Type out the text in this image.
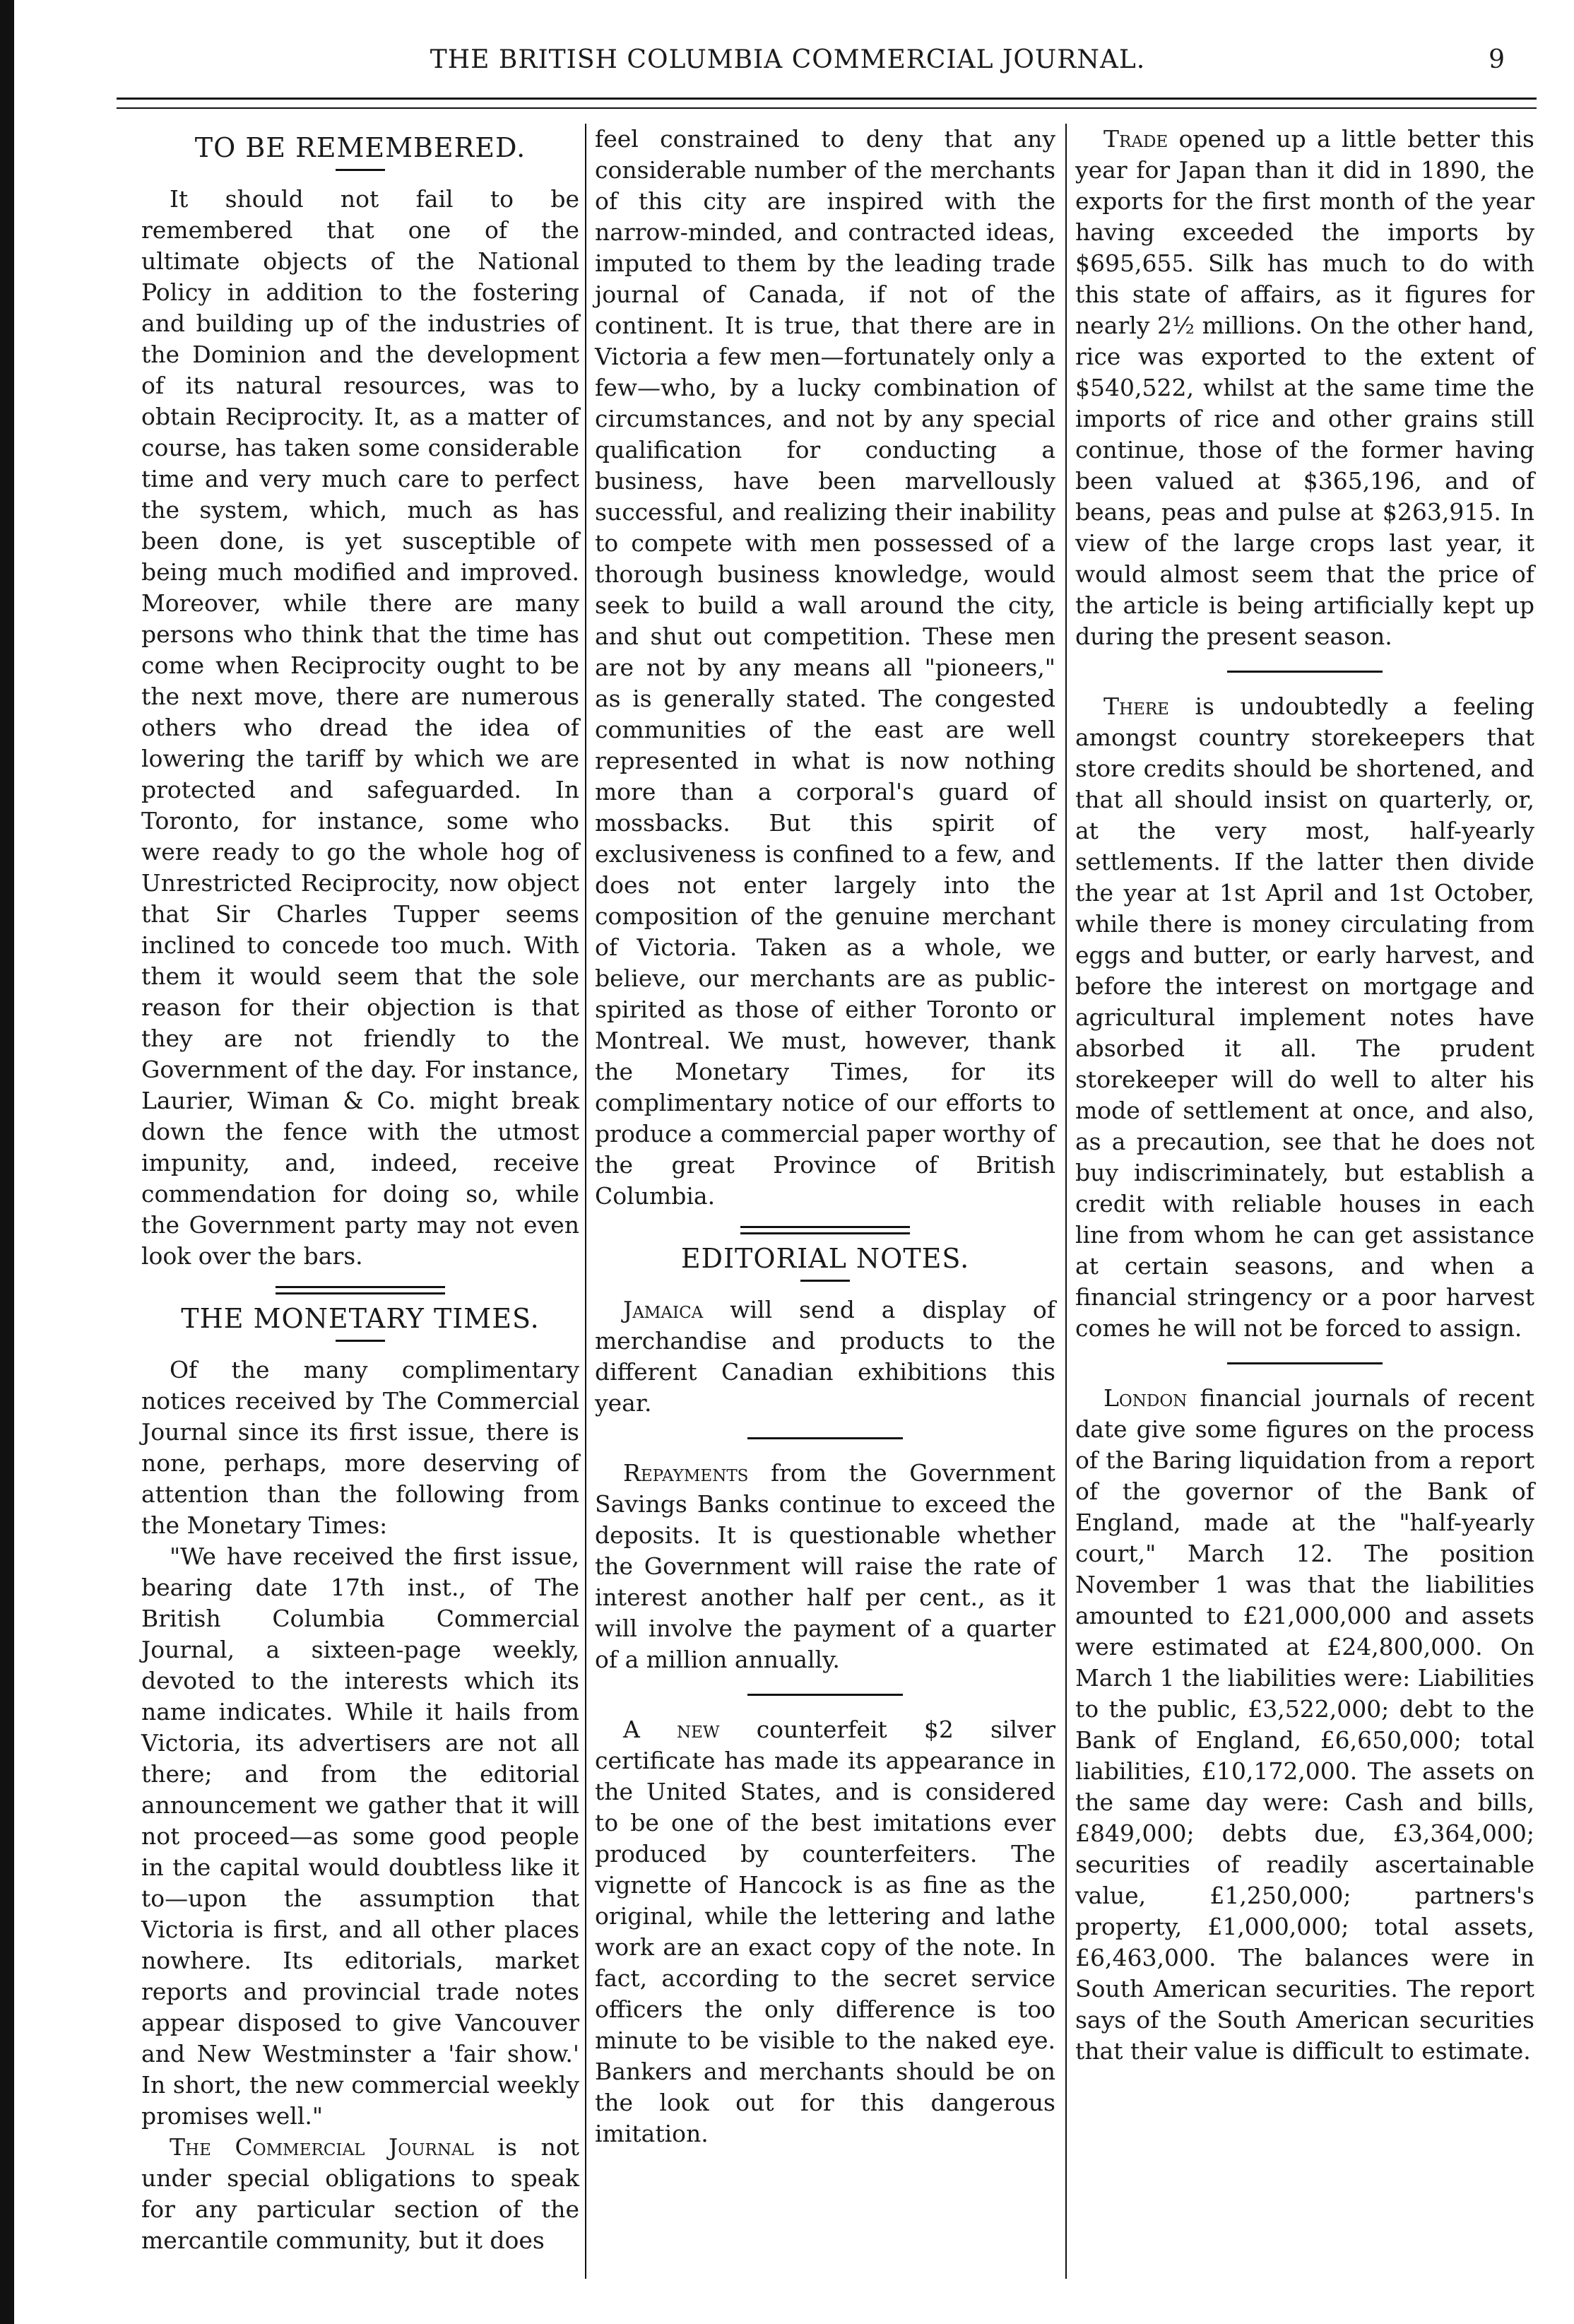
THE BRITISH COLUMBIA COMMERCIAL JOURNAL.	9
TO BE REMEMBERED.

It should not fail to be remembered that one of the ultimate objects of the National Policy in addition to the fostering and building up of the industries of the Dominion and the development of its natural resources, was to obtain Reciprocity. It, as a matter of course, has taken some considerable time and very much care to perfect the system, which, much as has been done, is yet susceptible of being much modified and improved. Moreover, while there are many persons who think that the time has come when Reciprocity ought to be the next move, there are numerous others who dread the idea of lowering the tariff by which we are protected and safeguarded. In Toronto, for instance, some who were ready to go the whole hog of Unrestricted Reciprocity, now object that Sir Charles Tupper seems inclined to concede too much. With them it would seem that the sole reason for their objection is that they are not friendly to the Government of the day. For instance, Laurier, Wiman & Co. might break down the fence with the utmost impunity, and, indeed, receive commendation for doing so, while the Government party may not even look over the bars.

THE MONETARY TIMES.

Of the many complimentary notices received by The Commercial Journal since its first issue, there is none, perhaps, more deserving of attention than the following from the Monetary Times:

"We have received the first issue, bearing date 17th inst., of The British Columbia Commercial Journal, a sixteen-page weekly, devoted to the interests which its name indicates. While it hails from Victoria, its advertisers are not all there; and from the editorial announcement we gather that it will not proceed—as some good people in the capital would doubtless like it to—upon the assumption that Victoria is first, and all other places nowhere. Its editorials, market reports and provincial trade notes appear disposed to give Vancouver and New Westminster a 'fair show.' In short, the new commercial weekly promises well."

The Commercial Journal is not under special obligations to speak for any particular section of the mercantile community, but it does

feel constrained to deny that any considerable number of the merchants of this city are inspired with the narrow-minded, and contracted ideas, imputed to them by the leading trade journal of Canada, if not of the continent. It is true, that there are in Victoria a few men—fortunately only a few—who, by a lucky combination of circumstances, and not by any special qualification for conducting a business, have been marvellously successful, and realizing their inability to compete with men possessed of a thorough business knowledge, would seek to build a wall around the city, and shut out competition. These men are not by any means all "pioneers," as is generally stated. The congested communities of the east are well represented in what is now nothing more than a corporal's guard of mossbacks. But this spirit of exclusiveness is confined to a few, and does not enter largely into the composition of the genuine merchant of Victoria. Taken as a whole, we believe, our merchants are as public-spirited as those of either Toronto or Montreal. We must, however, thank the Monetary Times, for its complimentary notice of our efforts to produce a commercial paper worthy of the great Province of British Columbia.

EDITORIAL NOTES.

Jamaica will send a display of merchandise and products to the different Canadian exhibitions this year.

Repayments from the Government Savings Banks continue to exceed the deposits. It is questionable whether the Government will raise the rate of interest another half per cent., as it will involve the payment of a quarter of a million annually.

A new counterfeit $2 silver certificate has made its appearance in the United States, and is considered to be one of the best imitations ever produced by counterfeiters. The vignette of Hancock is as fine as the original, while the lettering and lathe work are an exact copy of the note. In fact, according to the secret service officers the only difference is too minute to be visible to the naked eye. Bankers and merchants should be on the look out for this dangerous imitation.

Trade opened up a little better this year for Japan than it did in 1890, the exports for the first month of the year having exceeded the imports by $695,655. Silk has much to do with this state of affairs, as it figures for nearly 2½ millions. On the other hand, rice was exported to the extent of $540,522, whilst at the same time the imports of rice and other grains still continue, those of the former having been valued at $365,196, and of beans, peas and pulse at $263,915. In view of the large crops last year, it would almost seem that the price of the article is being artificially kept up during the present season.

There is undoubtedly a feeling amongst country storekeepers that store credits should be shortened, and that all should insist on quarterly, or, at the very most, half-yearly settlements. If the latter then divide the year at 1st April and 1st October, while there is money circulating from eggs and butter, or early harvest, and before the interest on mortgage and agricultural implement notes have absorbed it all. The prudent storekeeper will do well to alter his mode of settlement at once, and also, as a precaution, see that he does not buy indiscriminately, but establish a credit with reliable houses in each line from whom he can get assistance at certain seasons, and when a financial stringency or a poor harvest comes he will not be forced to assign.

London financial journals of recent date give some figures on the process of the Baring liquidation from a report of the governor of the Bank of England, made at the "half-yearly court," March 12. The position November 1 was that the liabilities amounted to £21,000,000 and assets were estimated at £24,800,000. On March 1 the liabilities were: Liabilities to the public, £3,522,000; debt to the Bank of England, £6,650,000; total liabilities, £10,172,000. The assets on the same day were: Cash and bills, £849,000; debts due, £3,364,000; securities of readily ascertainable value, £1,250,000; partners's property, £1,000,000; total assets, £6,463,000. The balances were in South American securities. The report says of the South American securities that their value is difficult to estimate.
